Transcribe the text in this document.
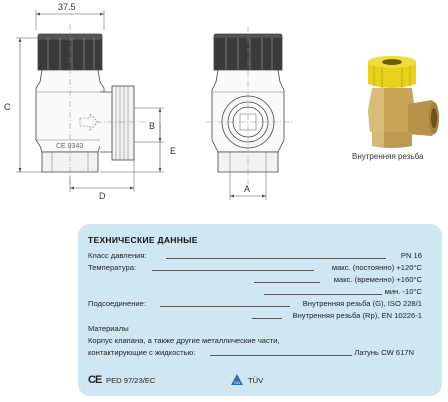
CE 0343
C
37.5
B
E
D
A
Внутренняя резьба
ТЕХНИЧЕСКИЕ ДАННЫЕ
Класс давления:	PN 16
Температура:	макс. (постоянно) +120°C
макс. (временно) +160°C
мин. -10°C
Подсоединение:	Внутренняя резьба (G), ISO 228/1
Внутренняя резьба (Rp), EN 10226-1
Материалы
Корпус клапана, а также другие металлические части,
контактирующие с жидкостью:	Латунь CW 617N
CE PED 97/23/EC	TÜV TÜV
